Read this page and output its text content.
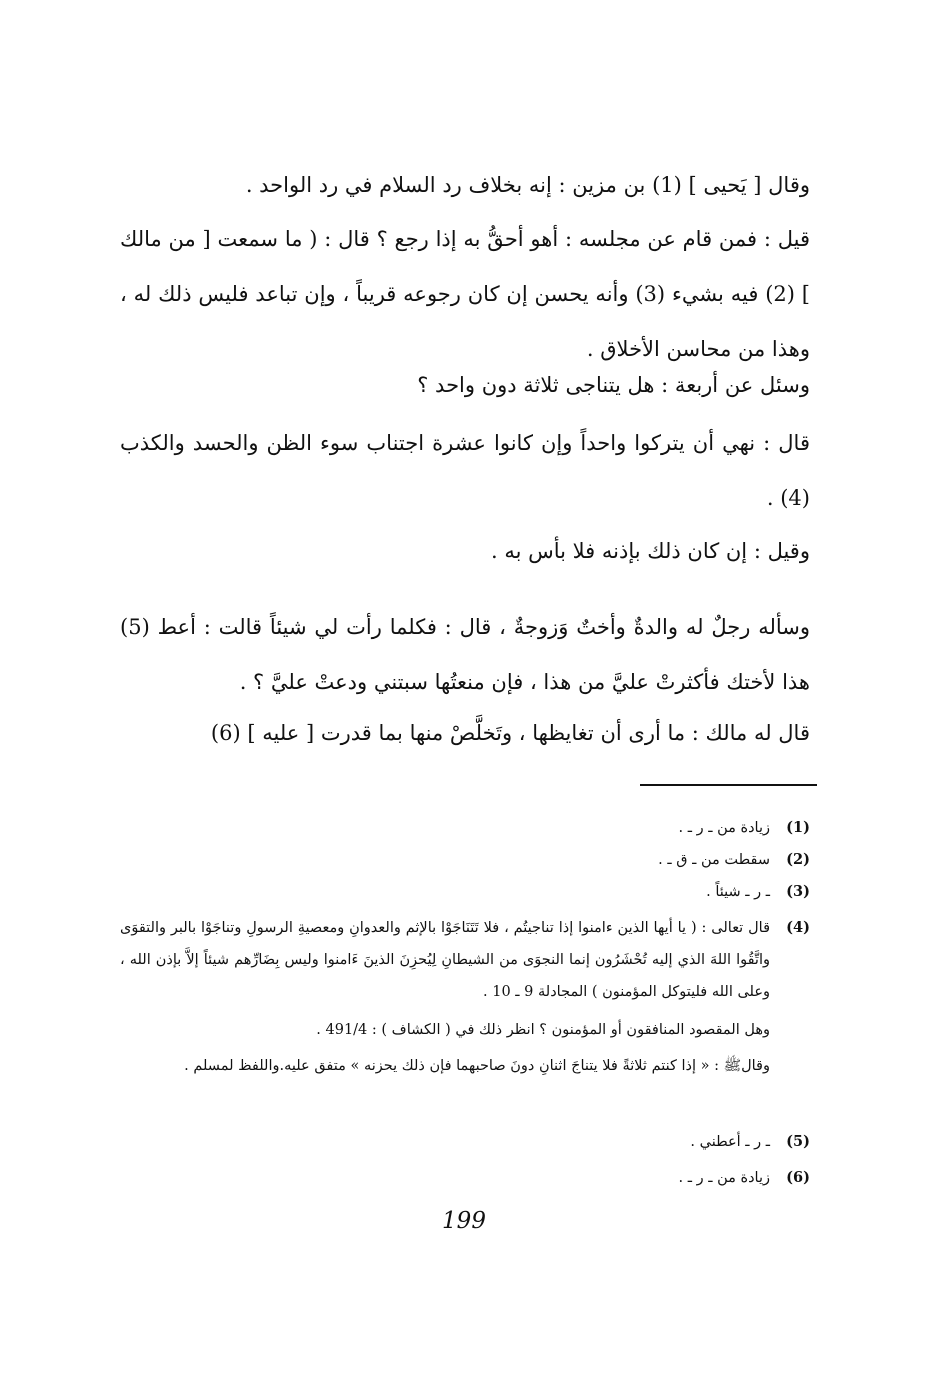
وقال [ يَحيى ] (1) بن مزين : إنه بخلاف رد السلام في رد الواحد .
قيل : فمن قام عن مجلسه : أهو أحقُّ به إذا رجع ؟ قال : ( ما سمعت [ من مالك ] (2) فيه بشيء (3) وأنه يحسن إن كان رجوعه قريباً ، وإن تباعد فليس ذلك له ، وهذا من محاسن الأخلاق .
وسئل عن أربعة : هل يتناجى ثلاثة دون واحد ؟
قال : نهي أن يتركوا واحداً وإن كانوا عشرة اجتناب سوء الظن والحسد والكذب (4) .
وقيل : إن كان ذلك بإذنه فلا بأس به .
وسأله رجلٌ له والدةٌ وأختٌ وَزوجةٌ ، قال : فكلما رأت لي شيئاً قالت : أعط (5) هذا لأختك فأكثرتْ عليَّ من هذا ، فإن منعتُها سبتني ودعتْ عليَّ ؟ .
قال له مالك : ما أرى أن تغايظها ، وتَخلَّصْ منها بما قدرت [ عليه ] (6)
(1)
زيادة من ـ ر ـ .
(2)
سقطت من ـ ق ـ .
(3)
ـ ر ـ شيئاً .
(4)
قال تعالى : ( يا أيها الذين ءامنوا إذا تناجيتُم ، فلا تَتَنَاجَوْا بالإثم والعدوانِ ومعصيةِ الرسولِ وتناجَوْا بالبر والتقوَى واتَّقُوا اللهَ الذي إليه تُحْشَرُون إنما النجوَى من الشيطانِ لِيُحزِنَ الذينَ ءَامنوا وليس بِضَارِّهم شيئاً إلاَّ بإذن الله ، وعلى الله فليتوكل المؤمنون ) المجادلة 9 ـ 10 .
وهل المقصود المنافقون أو المؤمنون ؟ انظر ذلك في ( الكشاف ) : 491/4 .
وقالﷺ : « إذا كنتم ثلاثةً فلا يتناجَ اثنانِ دونَ صاحبهما فإن ذلك يحزنه » متفق عليه.واللفظ لمسلم .
(5)
ـ ر ـ أعطني .
(6)
زيادة من ـ ر ـ .
199
